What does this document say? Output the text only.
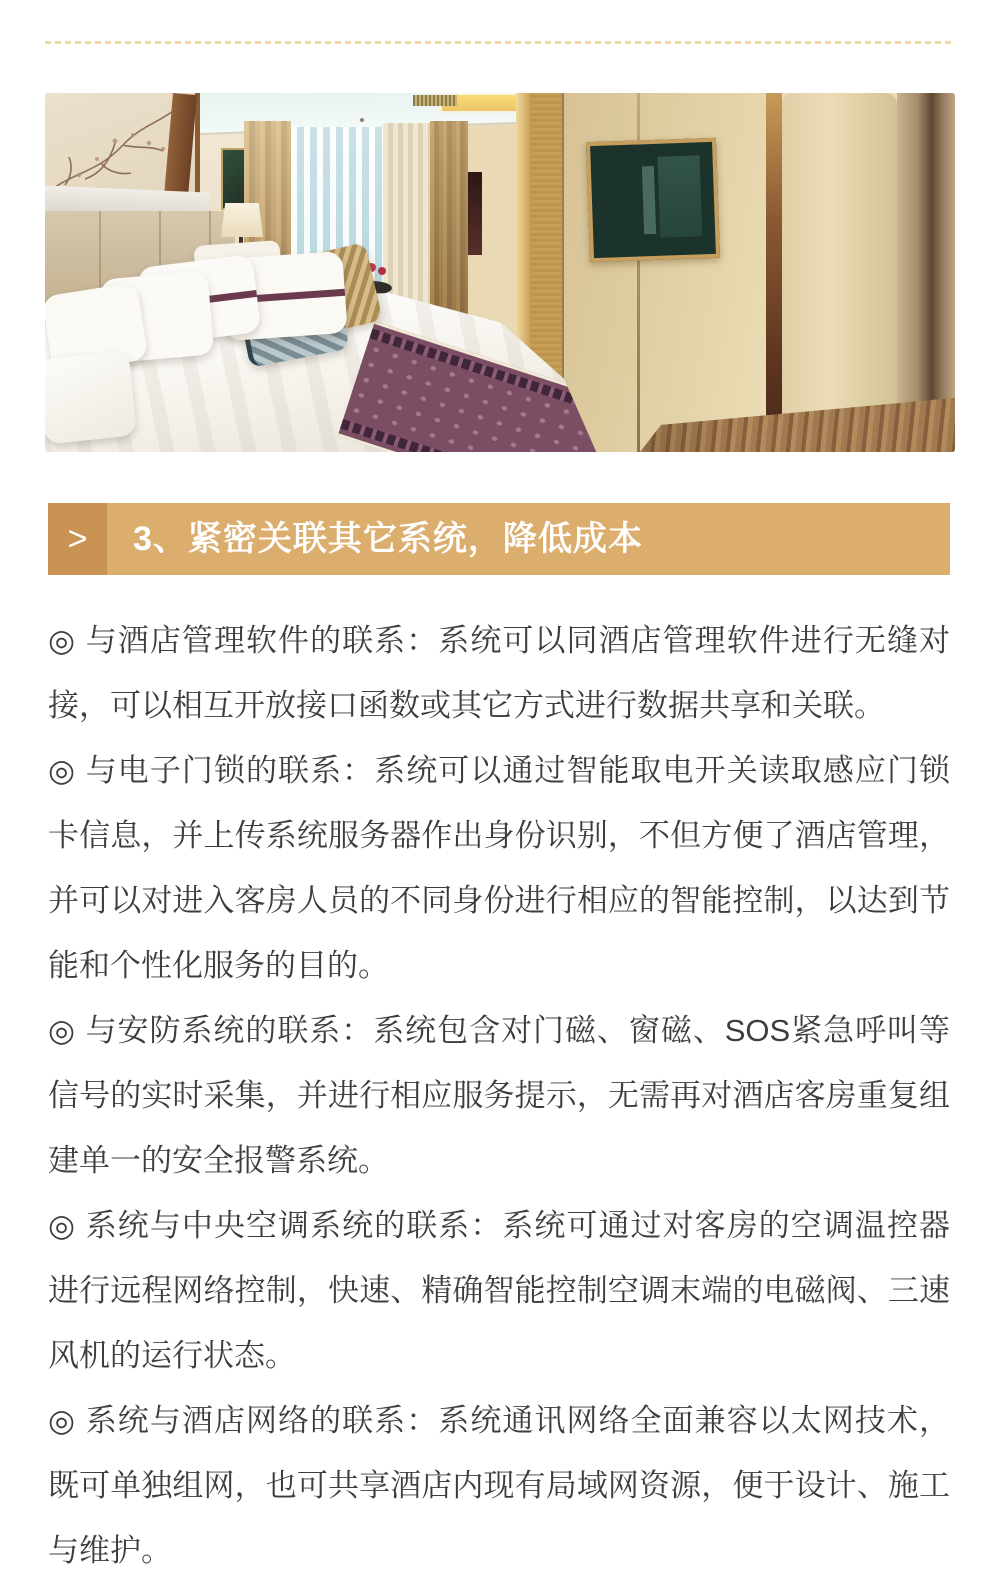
>	3、紧密关联其它系统，降低成本

◎ 与酒店管理软件的联系：系统可以同酒店管理软件进行无缝对接，可以相互开放接口函数或其它方式进行数据共享和关联。

◎ 与电子门锁的联系：系统可以通过智能取电开关读取感应门锁卡信息，并上传系统服务器作出身份识别，不但方便了酒店管理，并可以对进入客房人员的不同身份进行相应的智能控制，以达到节能和个性化服务的目的。

◎ 与安防系统的联系：系统包含对门磁、窗磁、SOS紧急呼叫等信号的实时采集，并进行相应服务提示，无需再对酒店客房重复组建单一的安全报警系统。

◎ 系统与中央空调系统的联系：系统可通过对客房的空调温控器进行远程网络控制，快速、精确智能控制空调末端的电磁阀、三速风机的运行状态。

◎ 系统与酒店网络的联系：系统通讯网络全面兼容以太网技术，既可单独组网，也可共享酒店内现有局域网资源，便于设计、施工与维护。
